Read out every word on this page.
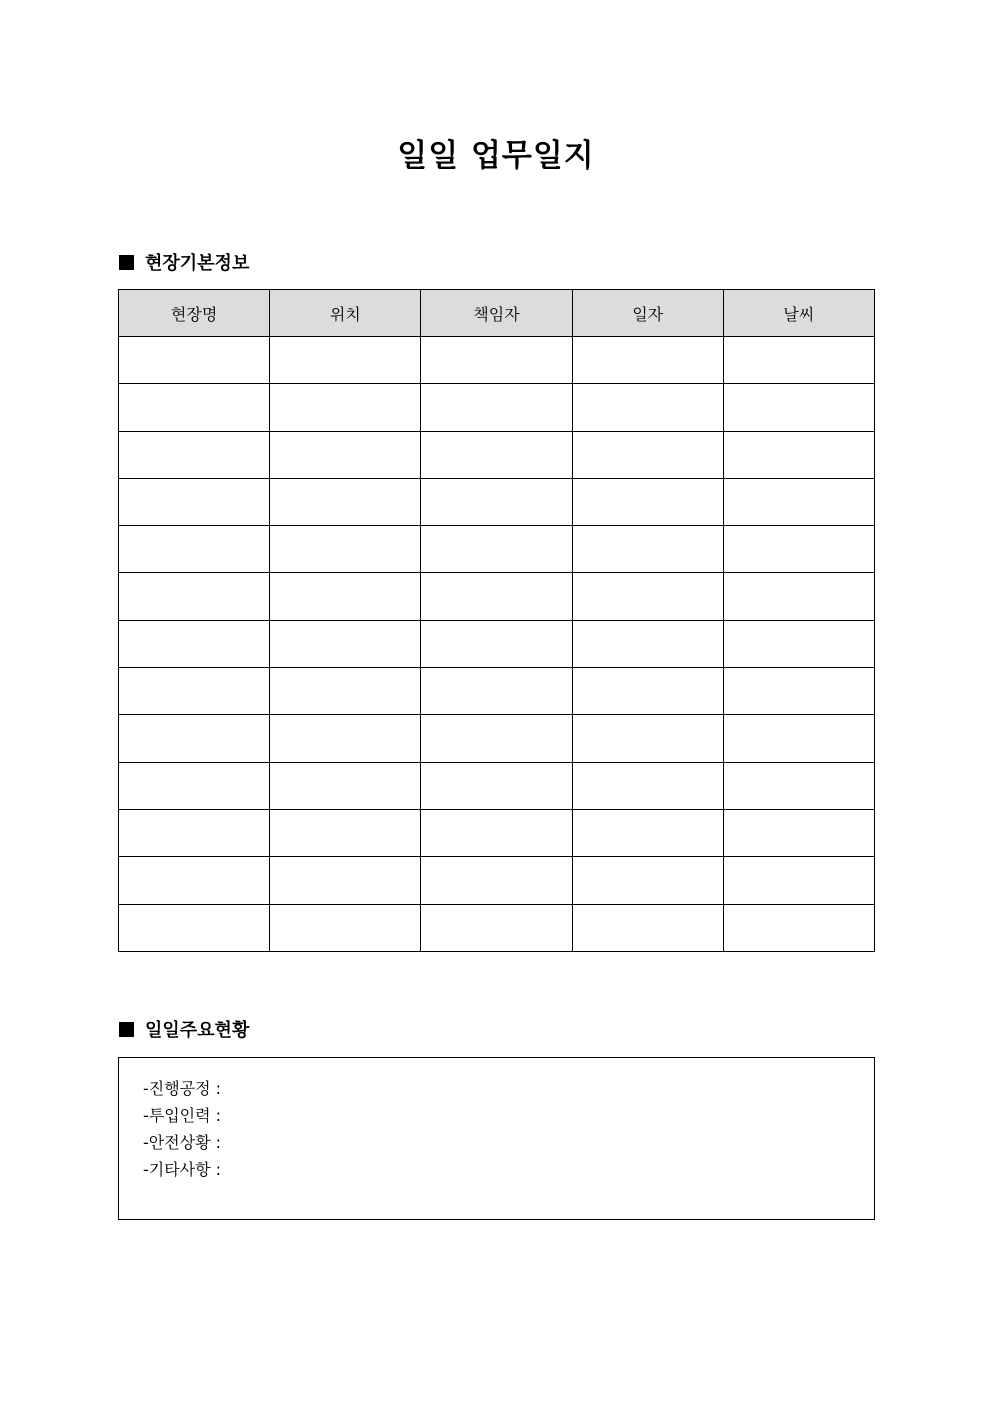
일일 업무일지
현장기본정보
현장명	위치	책임자	일자	날씨

일일주요현황
-진행공정 :
-투입인력 :
-안전상황 :
-기타사항 :
